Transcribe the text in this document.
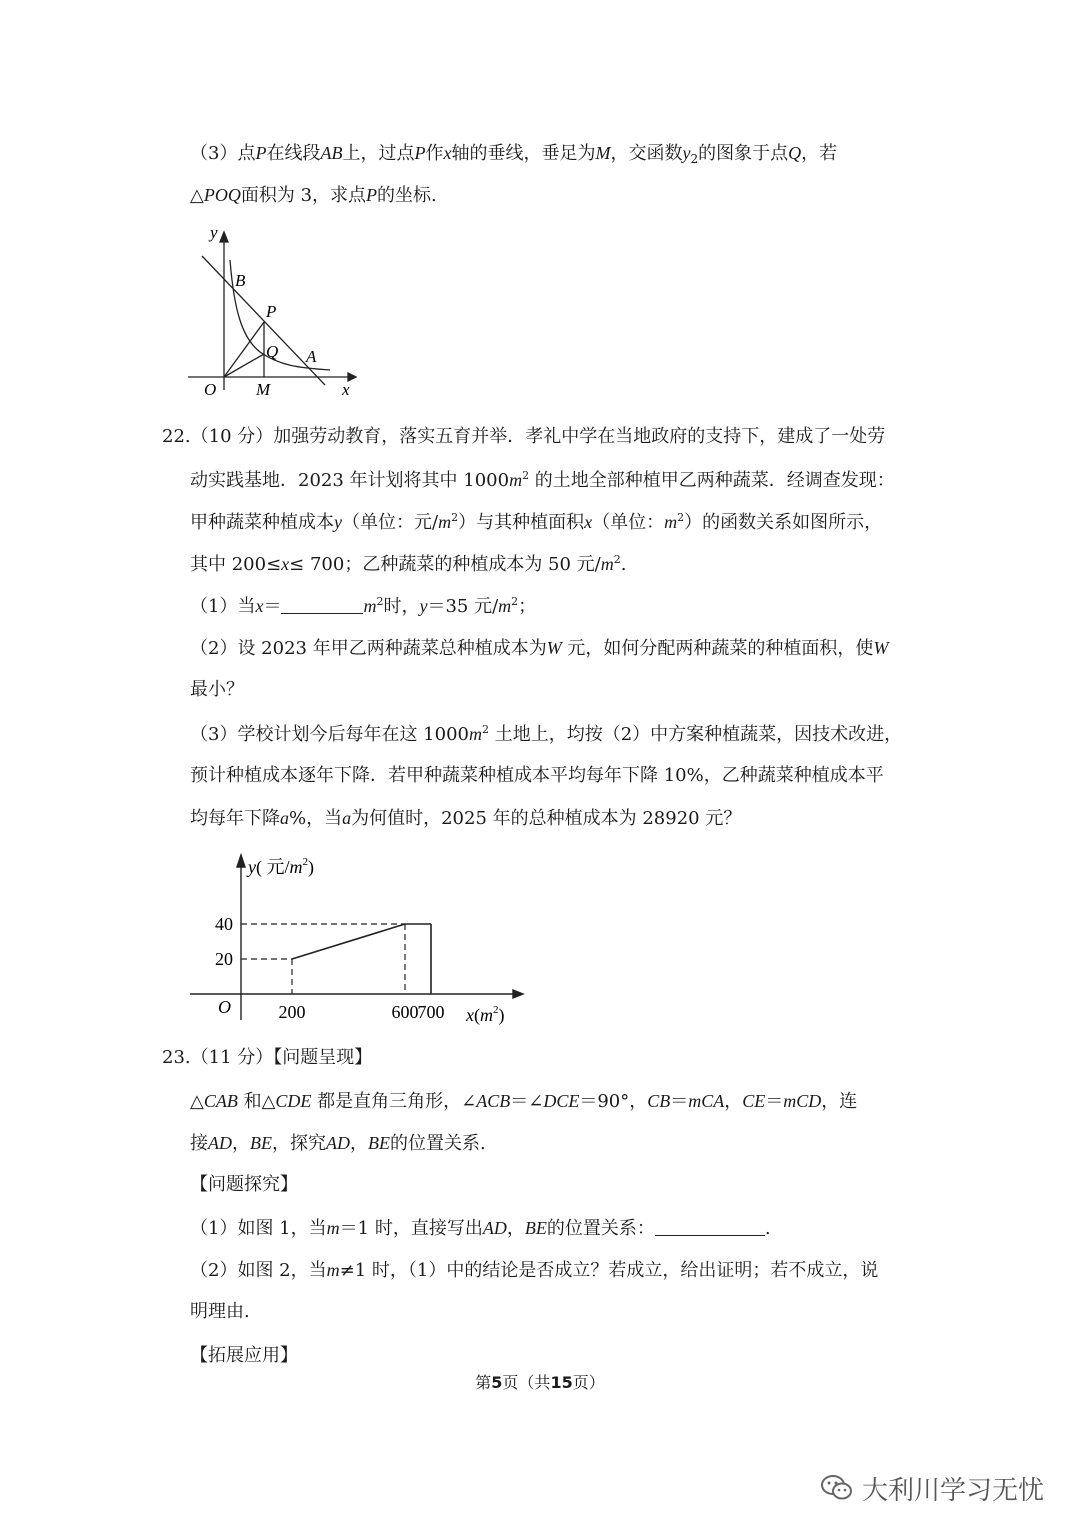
（3）点P在线段AB上，过点P作x轴的垂线，垂足为M，交函数$y_2$的图象于点Q，若
△POQ面积为 3，求点P的坐标.
y
B
P
Q A
O M	x
22.（10 分）加强劳动教育，落实五育并举．孝礼中学在当地政府的支持下，建成了一处劳
动实践基地．2023 年计划将其中 $1000m^2$ 的土地全部种植甲乙两种蔬菜．经调查发现：
甲种蔬菜种植成本y（单位：元$/m^2$）与其种植面积x（单位：$m^2$）的函数关系如图所示，
其中 200≤x≤ 700；乙种蔬菜的种植成本为 50 元$/m^2$.
（1）当x＝	$m^2$时，y＝35 元$/m^2$；
（2）设 2023 年甲乙两种蔬菜总种植成本为W 元，如何分配两种蔬菜的种植面积，使W
最小？
（3）学校计划今后每年在这 $1000m^2$ 土地上，均按（2）中方案种植蔬菜，因技术改进，
预计种植成本逐年下降．若甲种蔬菜种植成本平均每年下降 10%，乙种蔬菜种植成本平
均每年下降a%，当a为何值时，2025 年的总种植成本为 28920 元？
200	600 700
20
40
y( 元$/m^2$)
$x(m^2)$
O
23.（11 分）【问题呈现】
△CAB 和△CDE 都是直角三角形，∠ACB＝∠DCE＝90°，CB＝mCA，CE＝mCD，连
接AD，BE，探究AD，BE的位置关系.
【问题探究】
（1）如图 1，当m＝1 时，直接写出AD，BE的位置关系：	.
（2）如图 2，当m≠1 时，（1）中的结论是否成立？若成立，给出证明；若不成立，说
明理由.
【拓展应用】
第5页（共15页）
大利川学习无忧
